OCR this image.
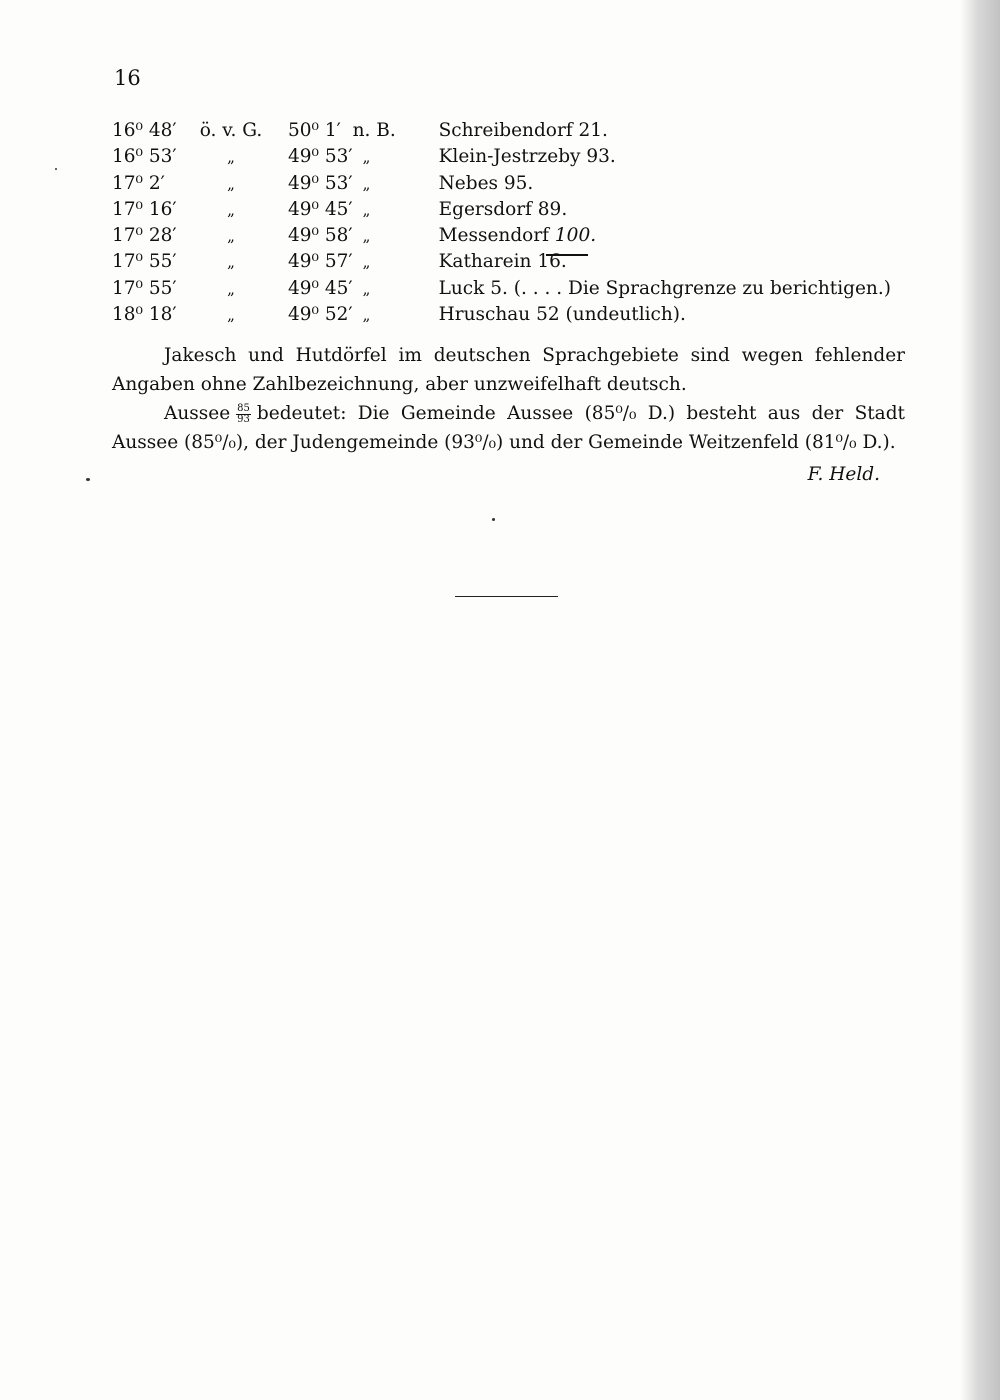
16
16⁰ 48′	ö. v. G.	50⁰ 1′	n. B.	Schreibendorf 21.
16⁰ 53′	„	49⁰ 53′	„	Klein-Jestrzeby 93.
17⁰ 2′	„	49⁰ 53′	„	Nebes 95.
17⁰ 16′	„	49⁰ 45′	„	Egersdorf 89.
17⁰ 28′	„	49⁰ 58′	„	Messendorf 100.
17⁰ 55′	„	49⁰ 57′	„	Katharein 16.
17⁰ 55′	„	49⁰ 45′	„	Luck 5. (. . . . Die Sprachgrenze zu berichtigen.)
18⁰ 18′	„	49⁰ 52′	„	Hruschau 52 (undeutlich).
Jakesch und Hutdörfel im deutschen Sprachgebiete sind wegen fehlender Angaben ohne Zahlbezeichnung, aber unzweifelhaft deutsch.
Aussee $\frac{85}{93}$ bedeutet: Die Gemeinde Aussee (85⁰/₀ D.) besteht aus der Stadt Aussee (85⁰/₀), der Judengemeinde (93⁰/₀) und der Gemeinde Weitzenfeld (81⁰/₀ D.).
F. Held.
